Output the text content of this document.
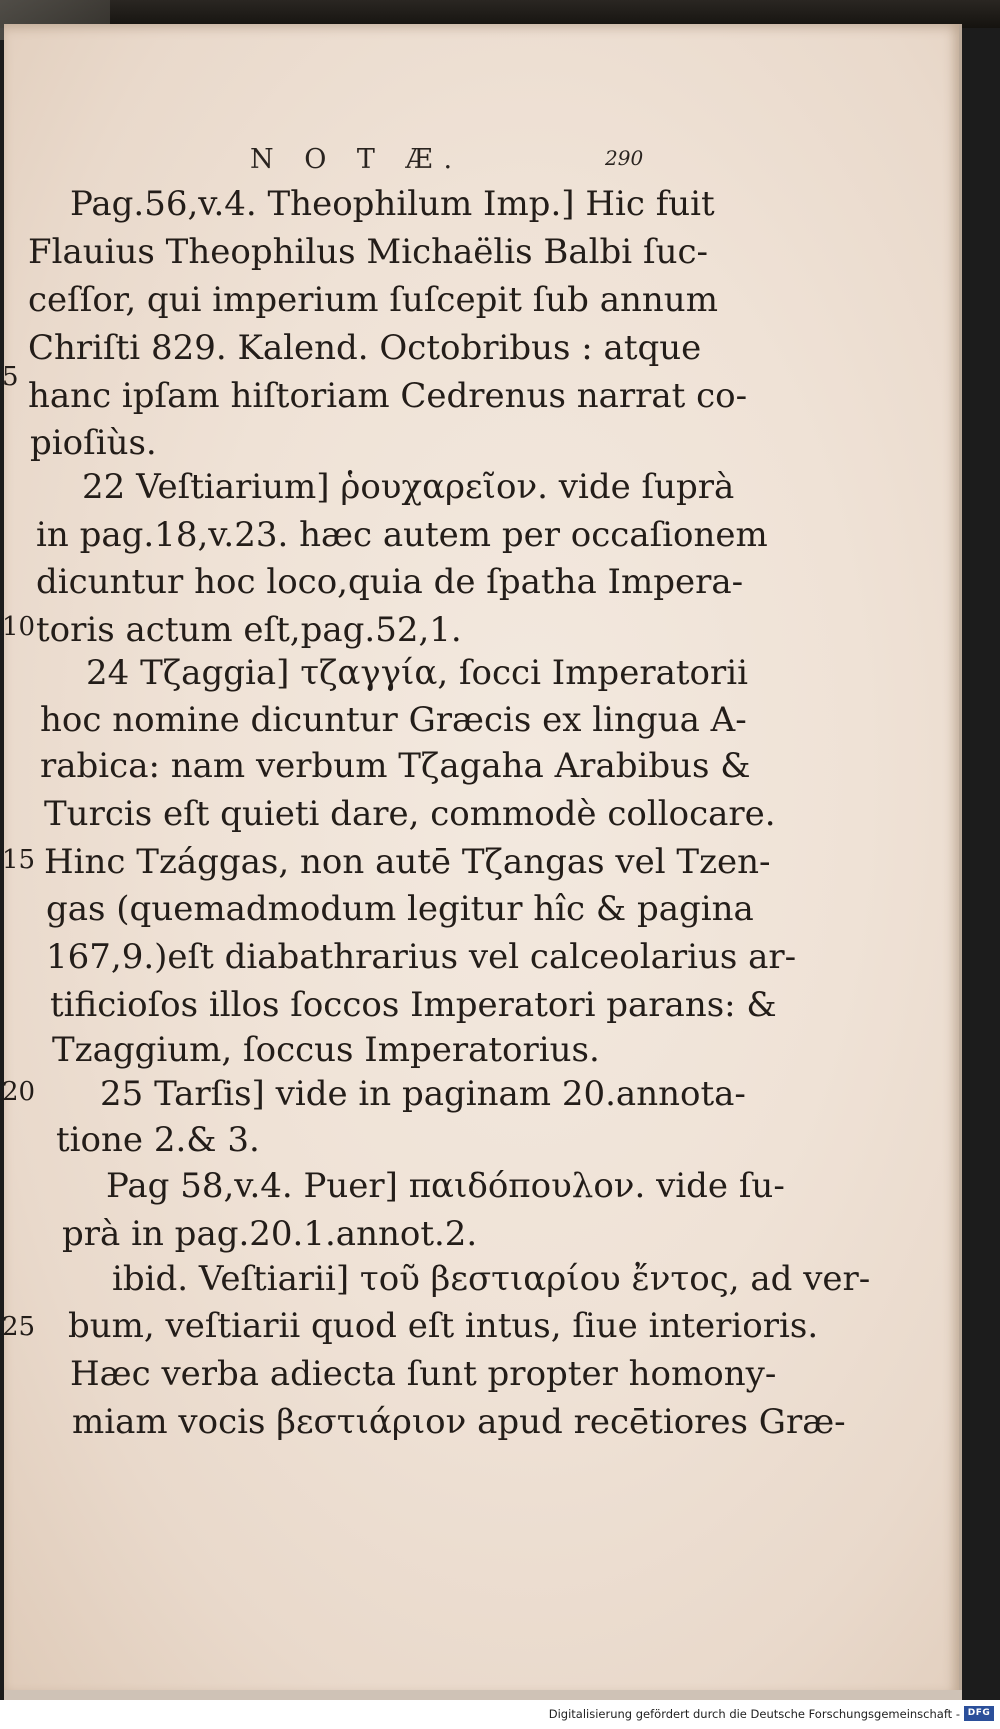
N O T Æ.	290
5
10
15
20
25
Pag.56,v.4. Theophilum Imp.] Hic fuit
Flauius Theophilus Michaëlis Balbi ſuc-
ceſſor, qui imperium ſuſcepit ſub annum
Chriſti 829. Kalend. Octobribus : atque
hanc ipſam hiſtoriam Cedrenus narrat co-
pioſiùs.
22 Veſtiarium] ῥουχαρεῖον. vide ſuprà
in pag.18,v.23. hæc autem per occaſionem
dicuntur hoc loco,quia de ſpatha Impera-
toris actum eſt,pag.52,1.
24 Tζaggia] τζαγγία, ſocci Imperatorii
hoc nomine dicuntur Græcis ex lingua A-
rabica: nam verbum Tζagaha Arabibus &
Turcis eſt quieti dare, commodè collocare.
Hinc Tzággas, non autē Tζangas vel Tzen-
gas (quemadmodum legitur hîc & pagina
167,9.)eſt diabathrarius vel calceolarius ar-
tificioſos illos ſoccos Imperatori parans: &
Tzaggium, ſoccus Imperatorius.
25 Tarſis] vide in paginam 20.annota-
tione 2.& 3.
Pag 58,v.4. Puer] παιδόπουλον. vide ſu-
prà in pag.20.1.annot.2.
ibid. Veſtiarii] τοῦ βεστιαρίου ἔντος, ad ver-
bum, veſtiarii quod eſt intus, ſiue interioris.
Hæc verba adiecta ſunt propter homony-
miam vocis βεστιάριον apud recētiores Græ-
Digitalisierung gefördert durch die Deutsche Forschungsgemeinschaft - DFG
